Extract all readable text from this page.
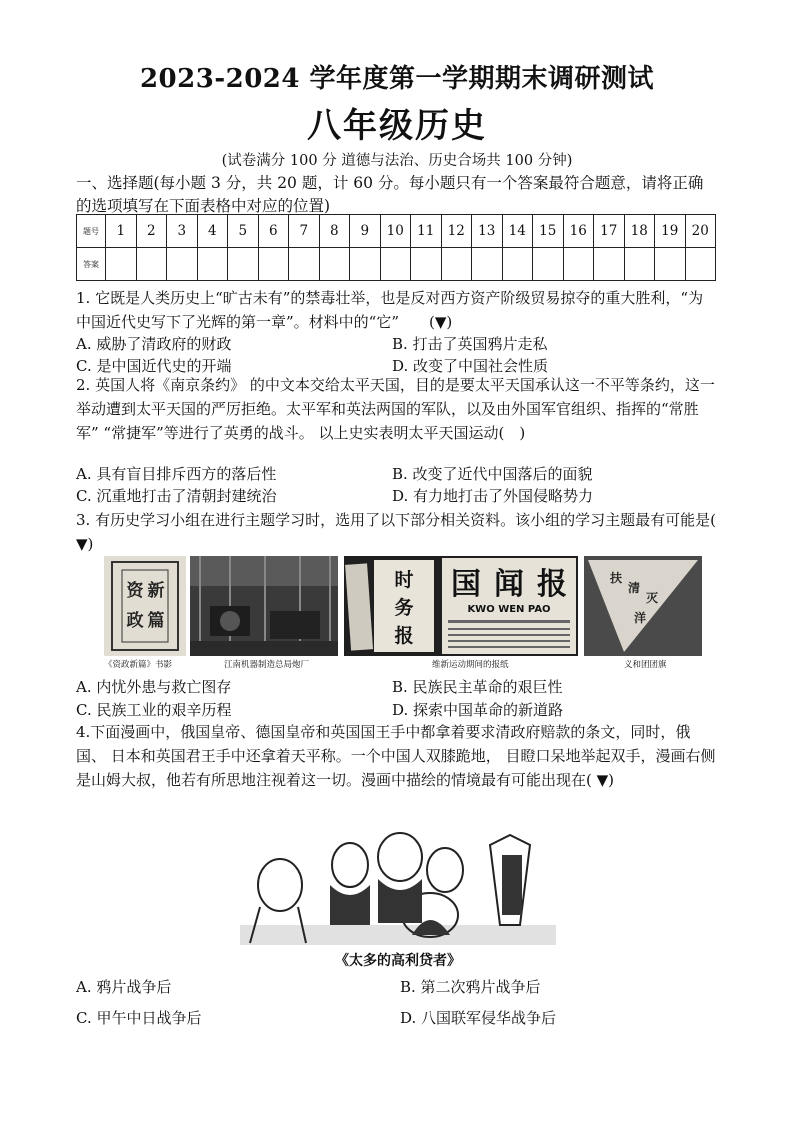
2023-2024 学年度第一学期期末调研测试
八年级历史
(试卷满分 100 分 道德与法治、历史合场共 100 分钟)
一、选择题(每小题 3 分，共 20 题，计 60 分。每小题只有一个答案最符合题意，请将正确的选项填写在下面表格中对应的位置)
题号	1	2	3	4	5	6	7	8	9	10	11	12	13	14	15	16	17	18	19	20
答案																				
1. 它既是人类历史上“旷古未有”的禁毒壮举，也是反对西方资产阶级贸易掠夺的重大胜利，“为中国近代史写下了光辉的第一章”。材料中的“它”　　(▼)
A. 威胁了清政府的财政	B. 打击了英国鸦片走私
C. 是中国近代史的开端	D. 改变了中国社会性质
2. 英国人将《南京条约》 的中文本交给太平天国，目的是要太平天国承认这一不平等条约，这一举动遭到太平天国的严厉拒绝。太平军和英法两国的军队，以及由外国军官组织、指挥的“常胜军” “常捷军”等进行了英勇的战斗。 以上史实表明太平天国运动(　)
A. 具有盲目排斥西方的落后性	B. 改变了近代中国落后的面貌
C. 沉重地打击了清朝封建统治	D. 有力地打击了外国侵略势力
3. 有历史学习小组在进行主题学习时，选用了以下部分相关资料。该小组的学习主题最有可能是( ▼)
资
政
新
篇
《资政新篇》书影	江南机器制造总局炮厂
时
务
报
国 闻 报
KWO WEN PAO
维新运动期间的报纸
扶
清
灭
洋
义和团团旗
A. 内忧外患与救亡图存	B. 民族民主革命的艰巨性
C. 民族工业的艰辛历程	D. 探索中国革命的新道路
4.下面漫画中，俄国皇帝、德国皇帝和英国国王手中都拿着要求清政府赔款的条文，同时，俄国、 日本和英国君王手中还拿着天平称。一个中国人双膝跪地， 目瞪口呆地举起双手，漫画右侧是山姆大叔，他若有所思地注视着这一切。漫画中描绘的情境最有可能出现在( ▼)
《太多的高利贷者》
A. 鸦片战争后	B. 第二次鸦片战争后
C. 甲午中日战争后	D. 八国联军侵华战争后
